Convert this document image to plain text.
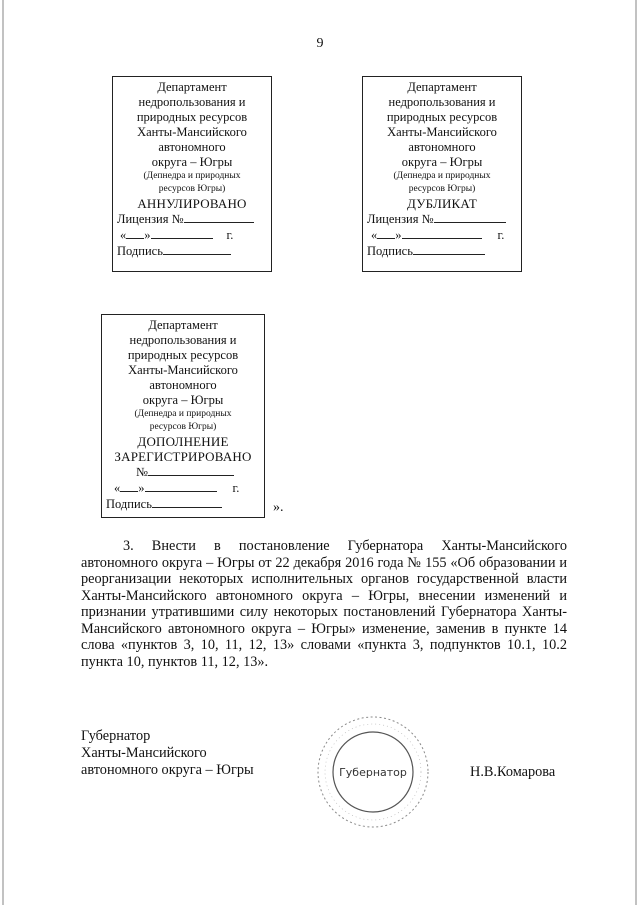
9
Департамент
недропользования и
природных ресурсов
Ханты-Мансийского
автономного
округа – Югры
(Депнедра и природных
ресурсов Югры)
АННУЛИРОВАНО
Лицензия №
« »	г.
Подпись
Департамент
недропользования и
природных ресурсов
Ханты-Мансийского
автономного
округа – Югры
(Депнедра и природных
ресурсов Югры)
ДУБЛИКАТ
Лицензия №
« »	г.
Подпись
Департамент
недропользования и
природных ресурсов
Ханты-Мансийского
автономного
округа – Югры
(Депнедра и природных
ресурсов Югры)
ДОПОЛНЕНИЕ
ЗАРЕГИСТРИРОВАНО
№
« »	г.
Подпись	».
3. Внести в постановление Губернатора Ханты-Мансийского автономного округа – Югры от 22 декабря 2016 года № 155 «Об образовании и реорганизации некоторых исполнительных органов государственной власти Ханты-Мансийского автономного округа – Югры, внесении изменений и признании утратившими силу некоторых постановлений Губернатора Ханты-Мансийского автономного округа – Югры» изменение, заменив в пункте 14 слова «пунктов 3, 10, 11, 12, 13» словами «пункта 3, подпунктов 10.1, 10.2 пункта 10, пунктов 11, 12, 13».
Губернатор
Ханты-Мансийского
автономного округа – Югры	Губернатор	Н.В.Комарова
